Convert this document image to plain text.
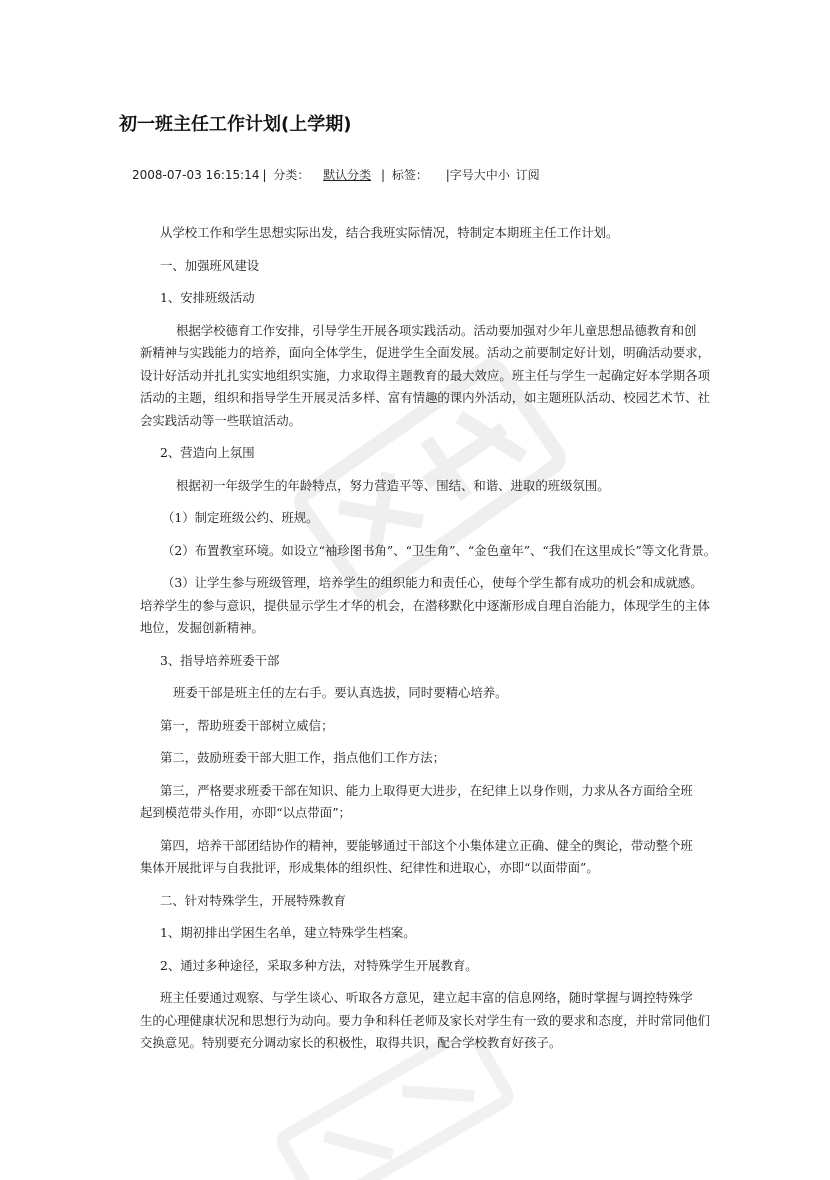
初一班主任工作计划(上学期)
2008-07-03 16:15:14 | 分类： 默认分类 | 标签： |字号大中小 订阅

从学校工作和学生思想实际出发，结合我班实际情况，特制定本期班主任工作计划。

一、加强班风建设

1、安排班级活动

根据学校德育工作安排，引导学生开展各项实践活动。活动要加强对少年儿童思想品德教育和创

新精神与实践能力的培养，面向全体学生，促进学生全面发展。活动之前要制定好计划，明确活动要求，

设计好活动并扎扎实实地组织实施，力求取得主题教育的最大效应。班主任与学生一起确定好本学期各项

活动的主题，组织和指导学生开展灵活多样、富有情趣的课内外活动，如主题班队活动、校园艺术节、社

会实践活动等一些联谊活动。

2、营造向上氛围

根据初一年级学生的年龄特点，努力营造平等、围结、和谐、进取的班级氛围。

（1）制定班级公约、班规。

（2）布置教室环境。如设立“袖珍图书角”、“卫生角”、“金色童年”、“我们在这里成长”等文化背景。

（3）让学生参与班级管理，培养学生的组织能力和责任心，使每个学生都有成功的机会和成就感。

培养学生的参与意识，提供显示学生才华的机会，在潜移默化中逐渐形成自理自治能力，体现学生的主体

地位，发掘创新精神。

3、指导培养班委干部

班委干部是班主任的左右手。要认真选拔，同时要精心培养。

第一，帮助班委干部树立威信；

第二，鼓励班委干部大胆工作，指点他们工作方法；

第三，严格要求班委干部在知识、能力上取得更大进步，在纪律上以身作则，力求从各方面给全班

起到模范带头作用，亦即“以点带面”；

第四，培养干部团结协作的精神，要能够通过干部这个小集体建立正确、健全的舆论，带动整个班

集体开展批评与自我批评，形成集体的组织性、纪律性和进取心，亦即“以面带面”。

二、针对特殊学生，开展特殊教育

1、期初排出学困生名单，建立特殊学生档案。

2、通过多种途径，采取多种方法，对特殊学生开展教育。

班主任要通过观察、与学生谈心、听取各方意见，建立起丰富的信息网络，随时掌握与调控特殊学

生的心理健康状况和思想行为动向。要力争和科任老师及家长对学生有一致的要求和态度，并时常同他们

交换意见。特别要充分调动家长的积极性，取得共识，配合学校教育好孩子。
